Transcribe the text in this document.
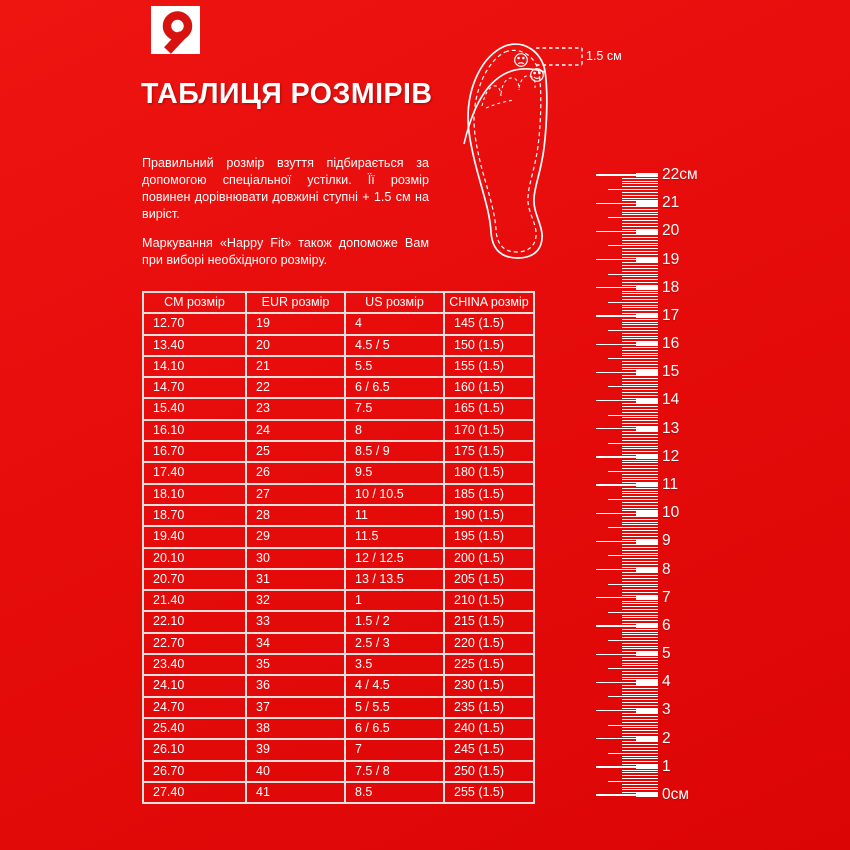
ТАБЛИЦЯ РОЗМІРІВ

Правильний розмір взуття підбирається за допомогою спеціальної устілки. Її розмір повинен дорівнювати довжині ступні + 1.5 см на виріст.

Маркування «Happy Fit» також допоможе Вам при виборі необхідного розміру.

1.5 см
0см
1
2
3
4
5
6
7
8
9
10
11
12
13
14
15
16
17
18
19
20
21
22см
CM розмір	EUR розмір	US розмір	CHINA розмір
12.70	19	4	145 (1.5)
13.40	20	4.5 / 5	150 (1.5)
14.10	21	5.5	155 (1.5)
14.70	22	6 / 6.5	160 (1.5)
15.40	23	7.5	165 (1.5)
16.10	24	8	170 (1.5)
16.70	25	8.5 / 9	175 (1.5)
17.40	26	9.5	180 (1.5)
18.10	27	10 / 10.5	185 (1.5)
18.70	28	11	190 (1.5)
19.40	29	11.5	195 (1.5)
20.10	30	12 / 12.5	200 (1.5)
20.70	31	13 / 13.5	205 (1.5)
21.40	32	1	210 (1.5)
22.10	33	1.5 / 2	215 (1.5)
22.70	34	2.5 / 3	220 (1.5)
23.40	35	3.5	225 (1.5)
24.10	36	4 / 4.5	230 (1.5)
24.70	37	5 / 5.5	235 (1.5)
25.40	38	6 / 6.5	240 (1.5)
26.10	39	7	245 (1.5)
26.70	40	7.5 / 8	250 (1.5)
27.40	41	8.5	255 (1.5)
